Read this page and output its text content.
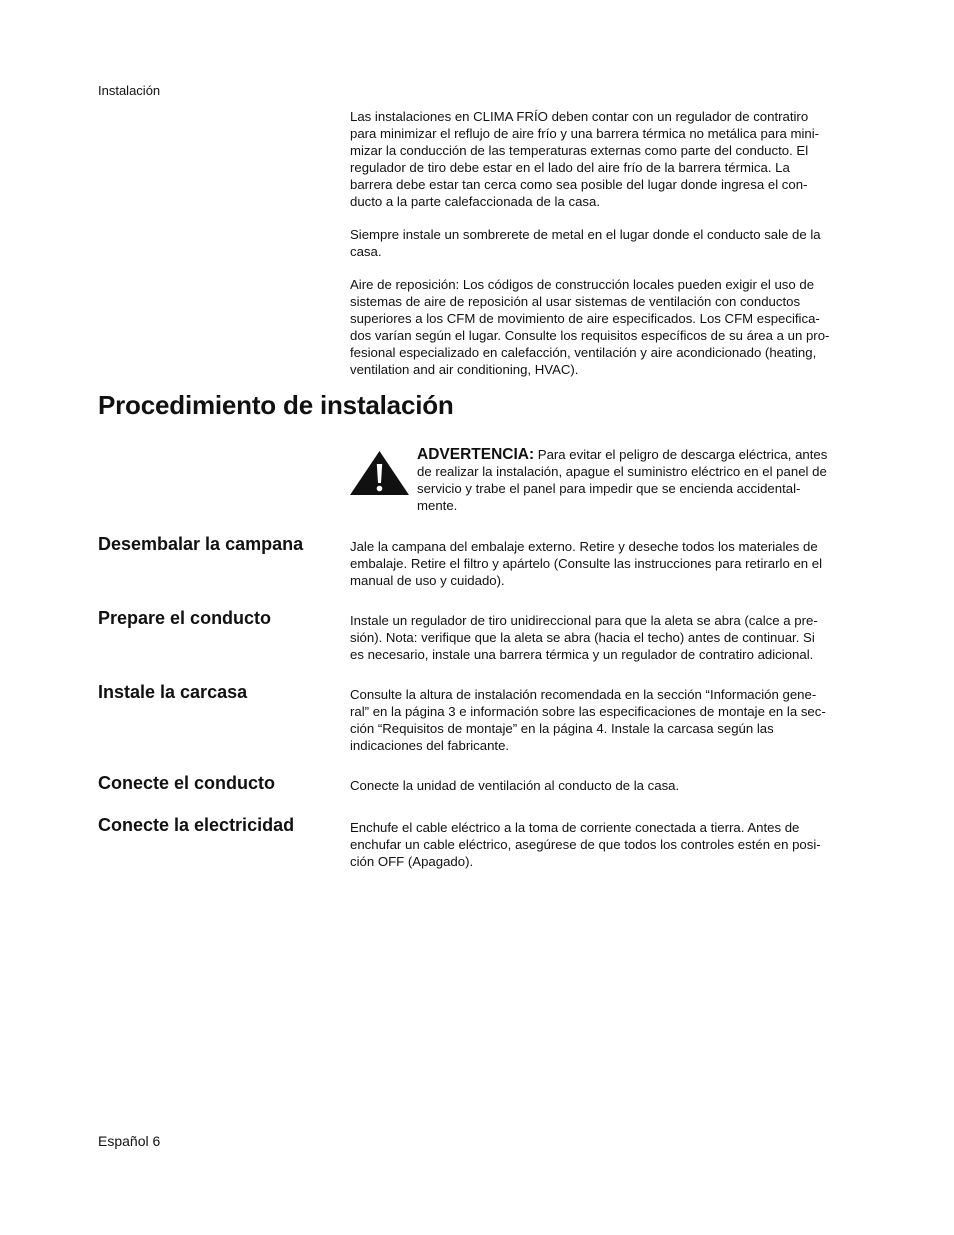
Instalación
Las instalaciones en CLIMA FRÍO deben contar con un regulador de contratiro
para minimizar el reflujo de aire frío y una barrera térmica no metálica para mini-
mizar la conducción de las temperaturas externas como parte del conducto. El
regulador de tiro debe estar en el lado del aire frío de la barrera térmica. La
barrera debe estar tan cerca como sea posible del lugar donde ingresa el con-
ducto a la parte calefaccionada de la casa.
Siempre instale un sombrerete de metal en el lugar donde el conducto sale de la
casa.
Aire de reposición: Los códigos de construcción locales pueden exigir el uso de
sistemas de aire de reposición al usar sistemas de ventilación con conductos
superiores a los CFM de movimiento de aire especificados. Los CFM especifica-
dos varían según el lugar. Consulte los requisitos específicos de su área a un pro-
fesional especializado en calefacción, ventilación y aire acondicionado (heating,
ventilation and air conditioning, HVAC).
Procedimiento de instalación
ADVERTENCIA: Para evitar el peligro de descarga eléctrica, antes
de realizar la instalación, apague el suministro eléctrico en el panel de
servicio y trabe el panel para impedir que se encienda accidental-
mente.
Desembalar la campana	Jale la campana del embalaje externo. Retire y deseche todos los materiales de
embalaje. Retire el filtro y apártelo (Consulte las instrucciones para retirarlo en el
manual de uso y cuidado).
Prepare el conducto	Instale un regulador de tiro unidireccional para que la aleta se abra (calce a pre-
sión). Nota: verifique que la aleta se abra (hacia el techo) antes de continuar. Si
es necesario, instale una barrera térmica y un regulador de contratiro adicional.
Instale la carcasa	Consulte la altura de instalación recomendada en la sección “Información gene-
ral” en la página 3 e información sobre las especificaciones de montaje en la sec-
ción “Requisitos de montaje” en la página 4. Instale la carcasa según las
indicaciones del fabricante.
Conecte el conducto	Conecte la unidad de ventilación al conducto de la casa.
Conecte la electricidad	Enchufe el cable eléctrico a la toma de corriente conectada a tierra. Antes de
enchufar un cable eléctrico, asegúrese de que todos los controles estén en posi-
ción OFF (Apagado).
Español 6
